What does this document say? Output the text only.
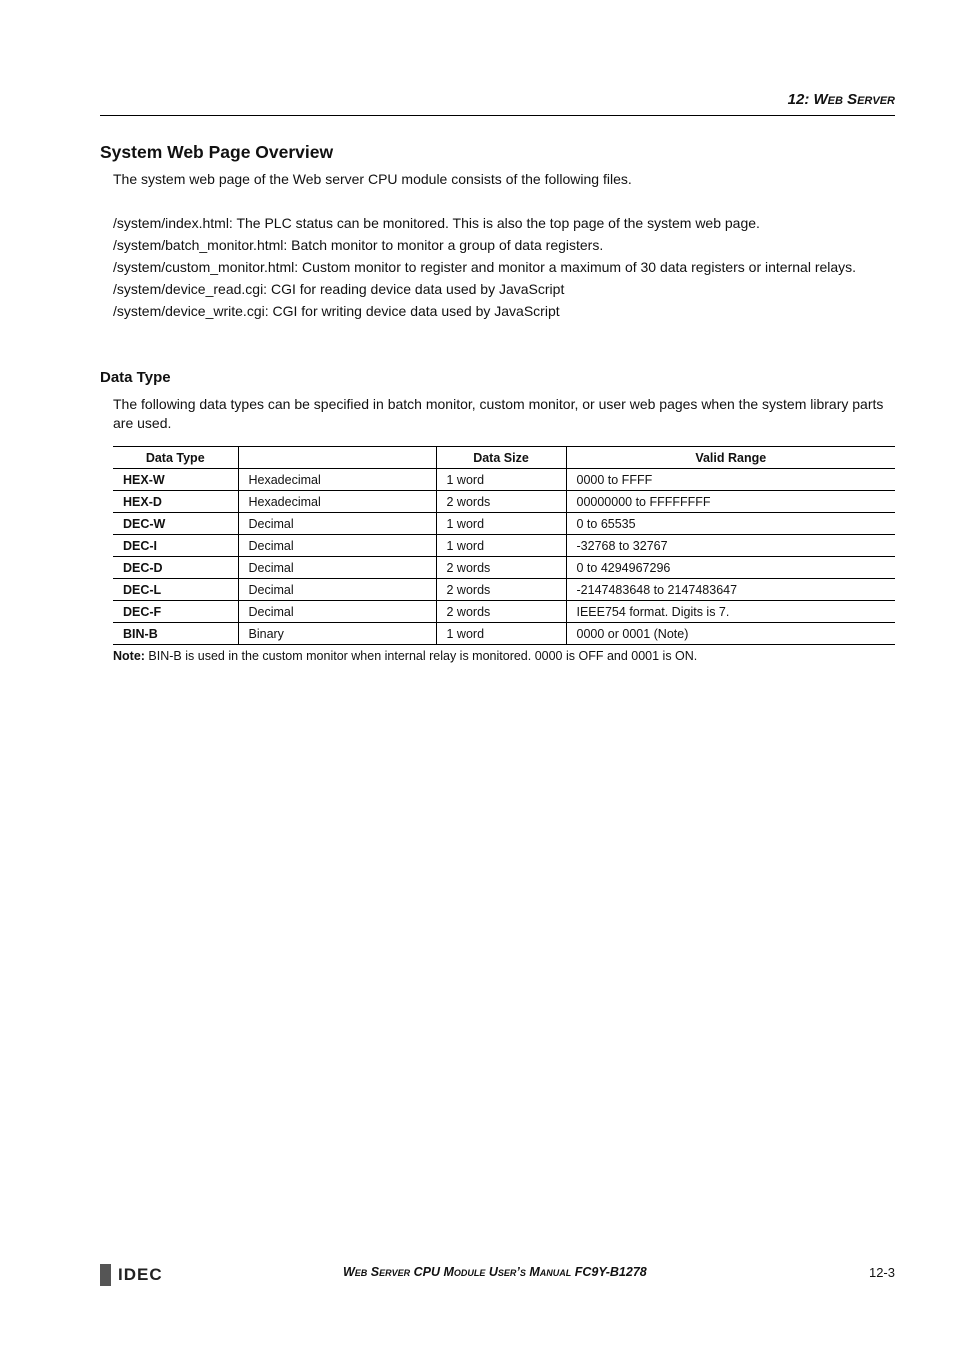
12: Web Server
System Web Page Overview

The system web page of the Web server CPU module consists of the following files.

/system/index.html: The PLC status can be monitored. This is also the top page of the system web page.
/system/batch_monitor.html: Batch monitor to monitor a group of data registers.
/system/custom_monitor.html: Custom monitor to register and monitor a maximum of 30 data registers or internal relays.
/system/device_read.cgi: CGI for reading device data used by JavaScript
/system/device_write.cgi: CGI for writing device data used by JavaScript
Data Type

The following data types can be specified in batch monitor, custom monitor, or user web pages when the system library parts are used.

Data Type		Data Size	Valid Range
HEX-W	Hexadecimal	1 word	0000 to FFFF
HEX-D	Hexadecimal	2 words	00000000 to FFFFFFFF
DEC-W	Decimal	1 word	0 to 65535
DEC-I	Decimal	1 word	-32768 to 32767
DEC-D	Decimal	2 words	0 to 4294967296
DEC-L	Decimal	2 words	-2147483648 to 2147483647
DEC-F	Decimal	2 words	IEEE754 format. Digits is 7.
BIN-B	Binary	1 word	0000 or 0001 (Note)

Note: BIN-B is used in the custom monitor when internal relay is monitored. 0000 is OFF and 0001 is ON.

IDEC	Web Server CPU Module User’s Manual FC9Y-B1278	12-3
